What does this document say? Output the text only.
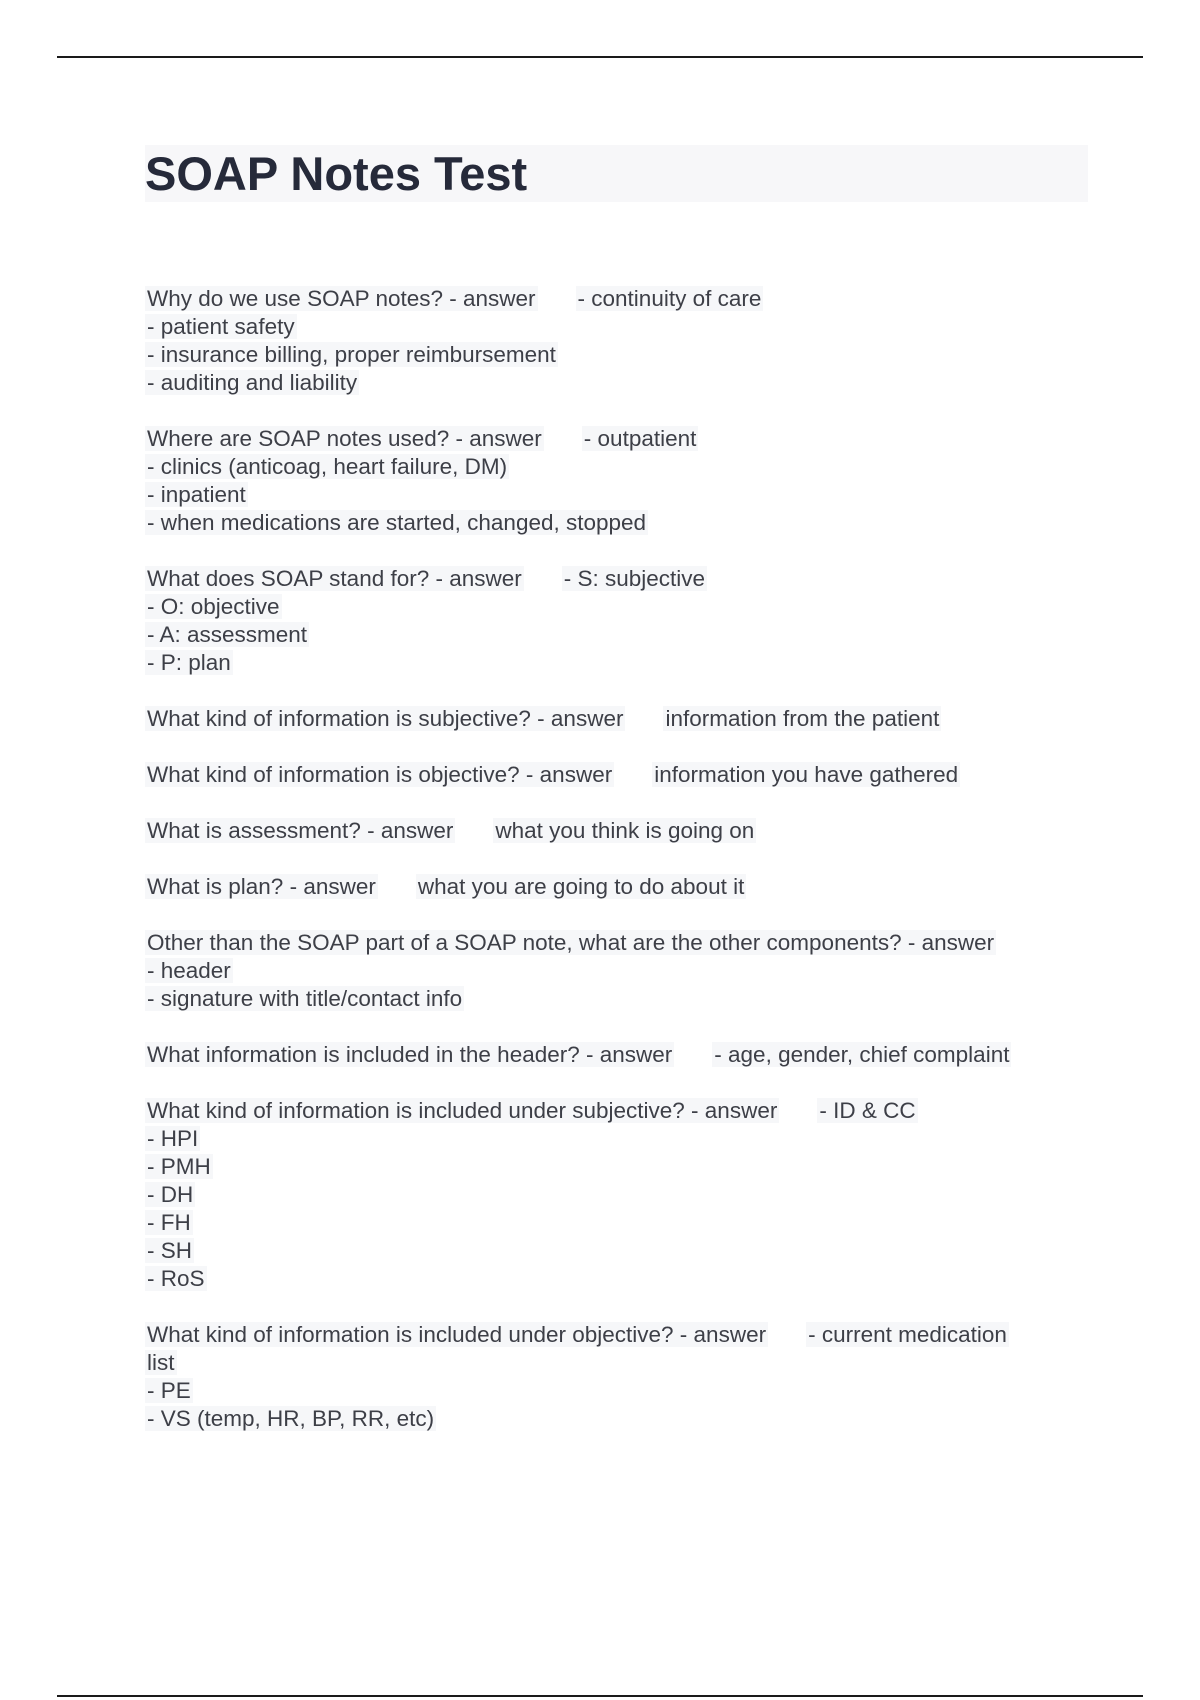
SOAP Notes Test
Why do we use SOAP notes? - answer - continuity of care
- patient safety
- insurance billing, proper reimbursement
- auditing and liability
Where are SOAP notes used? - answer - outpatient
- clinics (anticoag, heart failure, DM)
- inpatient
- when medications are started, changed, stopped
What does SOAP stand for? - answer - S: subjective
- O: objective
- A: assessment
- P: plan
What kind of information is subjective? - answer information from the patient
What kind of information is objective? - answer information you have gathered
What is assessment? - answer what you think is going on
What is plan? - answer what you are going to do about it
Other than the SOAP part of a SOAP note, what are the other components? - answer
- header
- signature with title/contact info
What information is included in the header? - answer - age, gender, chief complaint
What kind of information is included under subjective? - answer - ID & CC
- HPI
- PMH
- DH
- FH
- SH
- RoS
What kind of information is included under objective? - answer - current medication
list
- PE
- VS (temp, HR, BP, RR, etc)
